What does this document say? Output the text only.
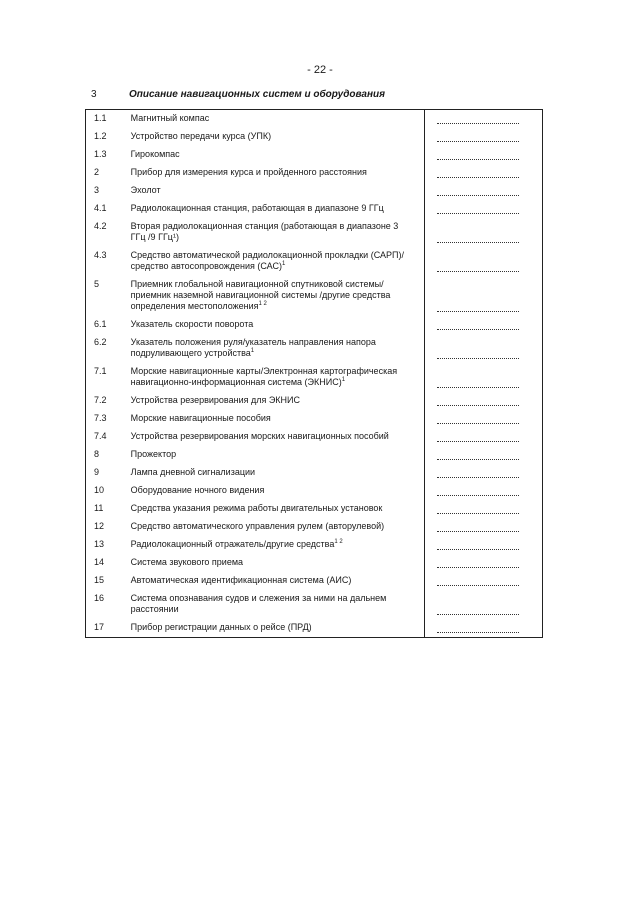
- 22 -
3	Описание навигационных систем и оборудования
1.1	Магнитный компас	

1.2	Устройство передачи курса (УПК)	

1.3	Гирокомпас	

2	Прибор для измерения курса и пройденного расстояния	

3	Эхолот	

4.1	Радиолокационная станция, работающая в диапазоне 9 ГГц	

4.2	Вторая радиолокационная станция (работающая в диапазоне 3 ГГц /9 ГГц¹)	

4.3	Средство автоматической радиолокационной прокладки (САРП)/средство автосопровождения (САС)$^1$	

5	Приемник глобальной навигационной спутниковой системы/ приемник наземной навигационной системы /другие средства определения местоположения$^{1 2}$	

6.1	Указатель скорости поворота	

6.2	Указатель положения руля/указатель направления напора подруливающего устройства$^1$	

7.1	Морские навигационные карты/Электронная картографическая навигационно-информационная система (ЭКНИС)$^1$	

7.2	Устройства резервирования для ЭКНИС	

7.3	Морские навигационные пособия	

7.4	Устройства резервирования морских навигационных пособий	

8	Прожектор	

9	Лампа дневной сигнализации	

10	Оборудование ночного видения	

11	Средства указания режима работы двигательных установок	

12	Средство автоматического управления рулем (авторулевой)	

13	Радиолокационный отражатель/другие средства$^{1 2}$	

14	Система звукового приема	

15	Автоматическая идентификационная система (АИС)	

16	Система опознавания судов и слежения за ними на дальнем расстоянии	

17	Прибор регистрации данных о рейсе (ПРД)	
